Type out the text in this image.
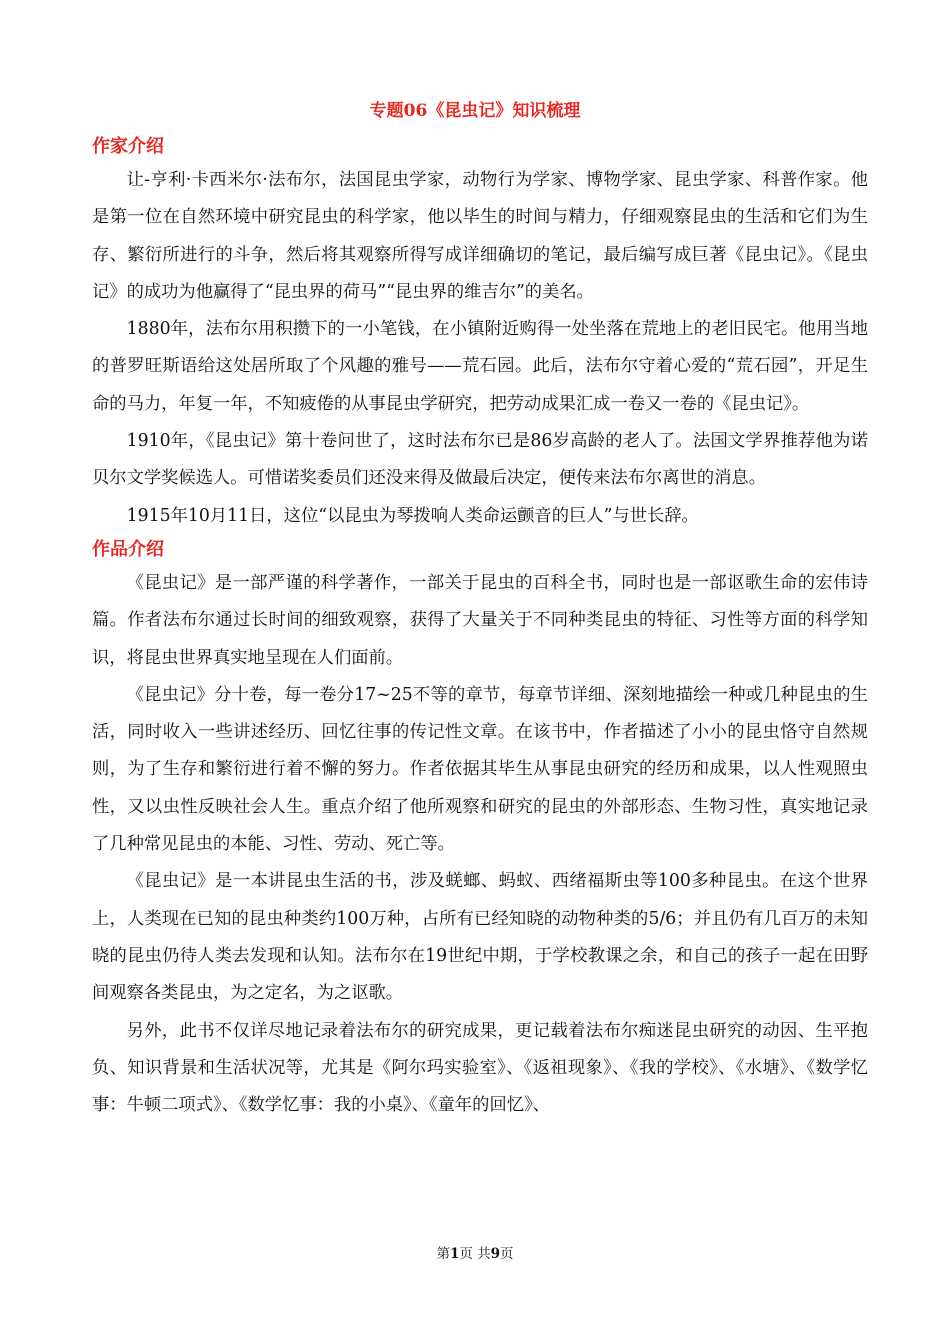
专题06《昆虫记》知识梳理
作家介绍

让-亨利·卡西米尔·法布尔，法国昆虫学家，动物行为学家、博物学家、昆虫学家、科普作家。他是第一位在自然环境中研究昆虫的科学家，他以毕生的时间与精力，仔细观察昆虫的生活和它们为生存、繁衍所进行的斗争，然后将其观察所得写成详细确切的笔记，最后编写成巨著《昆虫记》。《昆虫记》的成功为他赢得了“昆虫界的荷马”“昆虫界的维吉尔”的美名。

1880年，法布尔用积攒下的一小笔钱，在小镇附近购得一处坐落在荒地上的老旧民宅。他用当地的普罗旺斯语给这处居所取了个风趣的雅号——荒石园。此后，法布尔守着心爱的“荒石园”，开足生命的马力，年复一年，不知疲倦的从事昆虫学研究，把劳动成果汇成一卷又一卷的《昆虫记》。

1910年，《昆虫记》第十卷问世了，这时法布尔已是86岁高龄的老人了。法国文学界推荐他为诺贝尔文学奖候选人。可惜诺奖委员们还没来得及做最后决定，便传来法布尔离世的消息。

1915年10月11日，这位“以昆虫为琴拨响人类命运颤音的巨人”与世长辞。

作品介绍

《昆虫记》是一部严谨的科学著作，一部关于昆虫的百科全书，同时也是一部讴歌生命的宏伟诗篇。作者法布尔通过长时间的细致观察，获得了大量关于不同种类昆虫的特征、习性等方面的科学知识，将昆虫世界真实地呈现在人们面前。

《昆虫记》分十卷，每一卷分17~25不等的章节，每章节详细、深刻地描绘一种或几种昆虫的生活，同时收入一些讲述经历、回忆往事的传记性文章。在该书中，作者描述了小小的昆虫恪守自然规则，为了生存和繁衍进行着不懈的努力。作者依据其毕生从事昆虫研究的经历和成果，以人性观照虫性，又以虫性反映社会人生。重点介绍了他所观察和研究的昆虫的外部形态、生物习性，真实地记录了几种常见昆虫的本能、习性、劳动、死亡等。

《昆虫记》是一本讲昆虫生活的书，涉及蜣螂、蚂蚁、西绪福斯虫等100多种昆虫。在这个世界上，人类现在已知的昆虫种类约100万种，占所有已经知晓的动物种类的5/6；并且仍有几百万的未知晓的昆虫仍待人类去发现和认知。法布尔在19世纪中期，于学校教课之余，和自己的孩子一起在田野间观察各类昆虫，为之定名，为之讴歌。

另外，此书不仅详尽地记录着法布尔的研究成果，更记载着法布尔痴迷昆虫研究的动因、生平抱负、知识背景和生活状况等，尤其是《阿尔玛实验室》、《返祖现象》、《我的学校》、《水塘》、《数学忆事：牛顿二项式》、《数学忆事：我的小桌》、《童年的回忆》、

第1页 共9页
